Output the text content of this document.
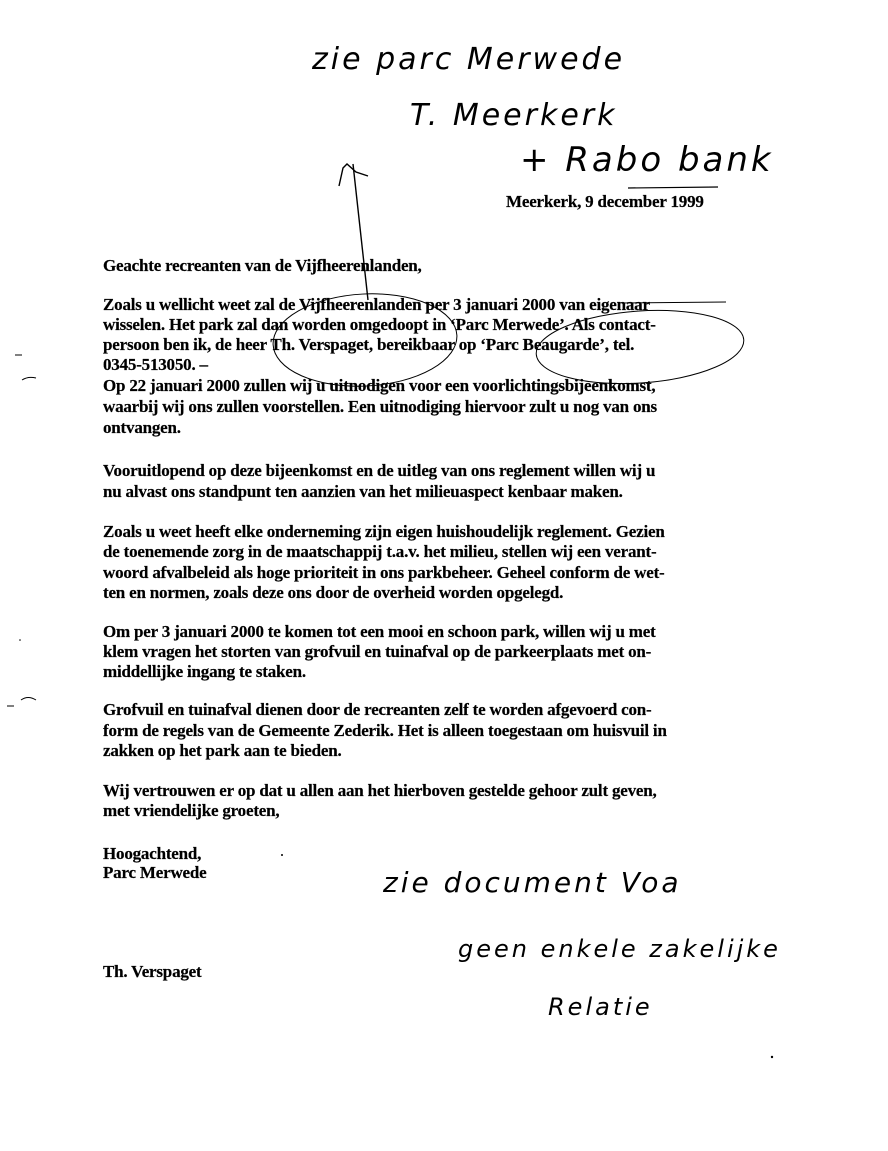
zie parc Merwede
T. Meerkerk
+ Rabo bank
Meerkerk, 9 december 1999
Geachte recreanten van de Vijfheerenlanden,
Zoals u wellicht weet zal de Vijfheerenlanden per 3 januari 2000 van eigenaar
wisselen. Het park zal dan worden omgedoopt in ‘Parc Merwede’. Als contact-
persoon ben ik, de heer Th. Verspaget, bereikbaar op ‘Parc Beaugarde’, tel.
0345-513050. –
Op 22 januari 2000 zullen wij u uitnodigen voor een voorlichtingsbijeenkomst,
waarbij wij ons zullen voorstellen. Een uitnodiging hiervoor zult u nog van ons
ontvangen.
Vooruitlopend op deze bijeenkomst en de uitleg van ons reglement willen wij u
nu alvast ons standpunt ten aanzien van het milieuaspect kenbaar maken.
Zoals u weet heeft elke onderneming zijn eigen huishoudelijk reglement. Gezien
de toenemende zorg in de maatschappij t.a.v. het milieu, stellen wij een verant-
woord afvalbeleid als hoge prioriteit in ons parkbeheer. Geheel conform de wet-
ten en normen, zoals deze ons door de overheid worden opgelegd.
Om per 3 januari 2000 te komen tot een mooi en schoon park, willen wij u met
klem vragen het storten van grofvuil en tuinafval op de parkeerplaats met on-
middellijke ingang te staken.
Grofvuil en tuinafval dienen door de recreanten zelf te worden afgevoerd con-
form de regels van de Gemeente Zederik. Het is alleen toegestaan om huisvuil in
zakken op het park aan te bieden.
Wij vertrouwen er op dat u allen aan het hierboven gestelde gehoor zult geven,
met vriendelijke groeten,
Hoogachtend,
Parc Merwede
Th. Verspaget
zie document Voa
geen enkele zakelijke
Relatie
